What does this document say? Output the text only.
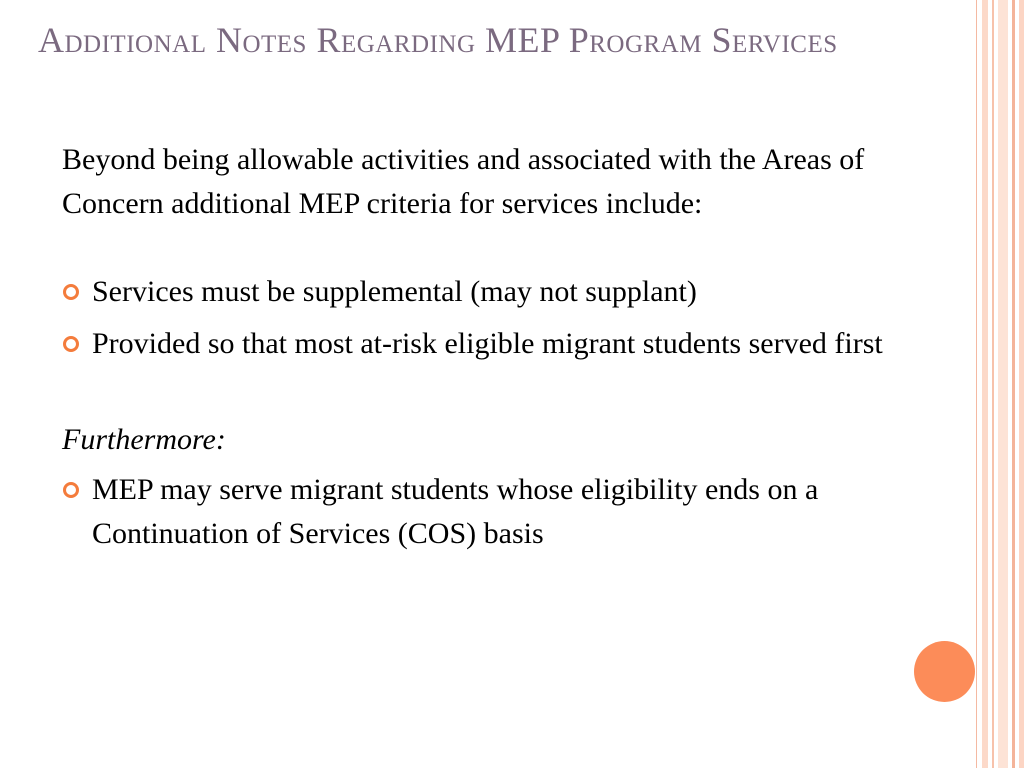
Additional Notes Regarding MEP Program Services

Beyond being allowable activities and associated with the Areas of Concern additional MEP criteria for services include:

Services must be supplemental (may not supplant)
Provided so that most at-risk eligible migrant students served first

Furthermore:

MEP may serve migrant students whose eligibility ends on a Continuation of Services (COS) basis
